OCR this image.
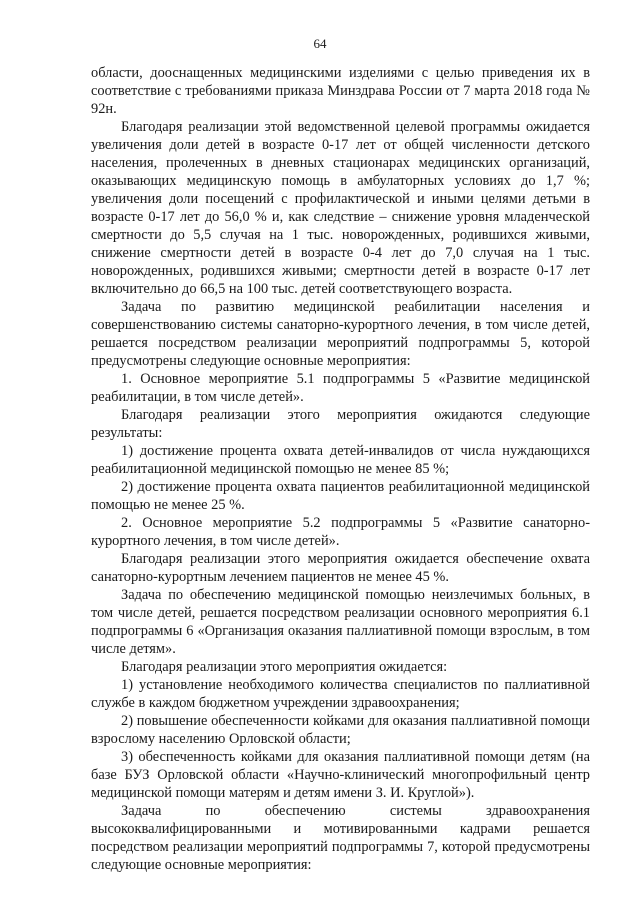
64

области, дооснащенных медицинскими изделиями с целью приведения их в соответствие с требованиями приказа Минздрава России от 7 марта 2018 года № 92н.

Благодаря реализации этой ведомственной целевой программы ожидается увеличения доли детей в возрасте 0-17 лет от общей численности детского населения, пролеченных в дневных стационарах медицинских организаций, оказывающих медицинскую помощь в амбулаторных условиях до 1,7 %; увеличения доли посещений с профилактической и иными целями детьми в возрасте 0-17 лет до 56,0 % и, как следствие – снижение уровня младенческой смертности до 5,5 случая на 1 тыс. новорожденных, родившихся живыми, снижение смертности детей в возрасте 0-4 лет до 7,0 случая на 1 тыс. новорожденных, родившихся живыми; смертности детей в возрасте 0-17 лет включительно до 66,5 на 100 тыс. детей соответствующего возраста.

Задача по развитию медицинской реабилитации населения и совершенствованию системы санаторно-курортного лечения, в том числе детей, решается посредством реализации мероприятий подпрограммы 5, которой предусмотрены следующие основные мероприятия:

1. Основное мероприятие 5.1 подпрограммы 5 «Развитие медицинской реабилитации, в том числе детей».

Благодаря реализации этого мероприятия ожидаются следующие результаты:

1) достижение процента охвата детей-инвалидов от числа нуждающихся реабилитационной медицинской помощью не менее 85 %;

2) достижение процента охвата пациентов реабилитационной медицинской помощью не менее 25 %.

2. Основное мероприятие 5.2 подпрограммы 5 «Развитие санаторно-курортного лечения, в том числе детей».

Благодаря реализации этого мероприятия ожидается обеспечение охвата санаторно-курортным лечением пациентов не менее 45 %.

Задача по обеспечению медицинской помощью неизлечимых больных, в том числе детей, решается посредством реализации основного мероприятия 6.1 подпрограммы 6 «Организация оказания паллиативной помощи взрослым, в том числе детям».

Благодаря реализации этого мероприятия ожидается:

1) установление необходимого количества специалистов по паллиативной службе в каждом бюджетном учреждении здравоохранения;

2) повышение обеспеченности койками для оказания паллиативной помощи взрослому населению Орловской области;

3) обеспеченность койками для оказания паллиативной помощи детям (на базе БУЗ Орловской области «Научно-клинический многопрофильный центр медицинской помощи матерям и детям имени З. И. Круглой»).

Задача по обеспечению системы здравоохранения высококвалифицированными и мотивированными кадрами решается посредством реализации мероприятий подпрограммы 7, которой предусмотрены следующие основные мероприятия:
